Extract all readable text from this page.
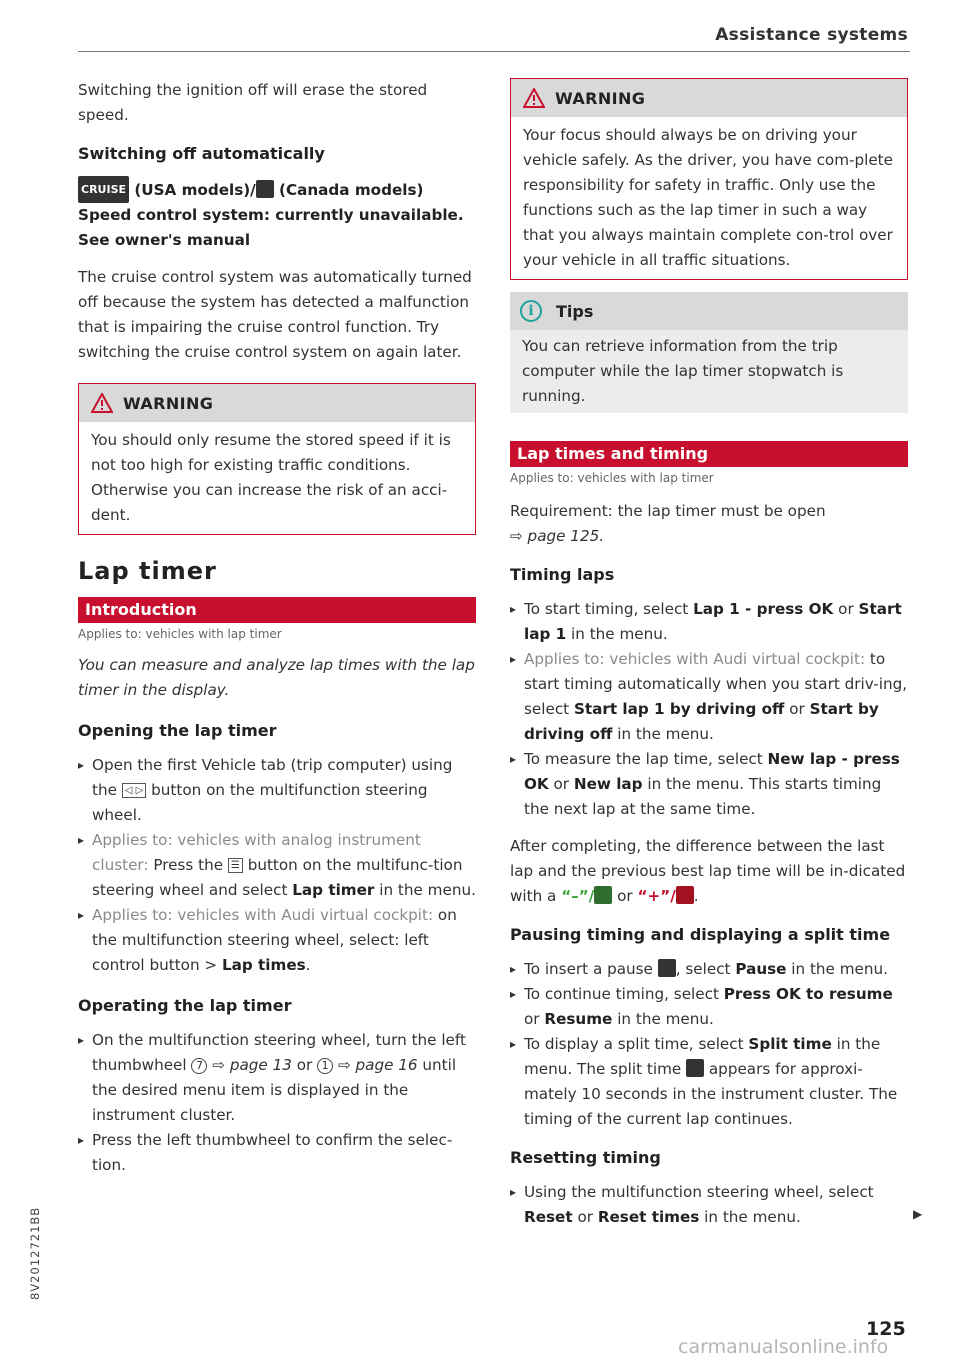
Assistance systems

Switching the ignition off will erase the stored speed.

Switching off automatically

CRUISE (USA models)/ (Canada models)
Speed control system: currently unavailable.
See owner's manual

The cruise control system was automatically turned off because the system has detected a malfunction that is impairing the cruise control function. Try switching the cruise control system on again later.

WARNING
You should only resume the stored speed if it is not too high for existing traffic conditions. Otherwise you can increase the risk of an acci-dent.
Lap timer
Introduction
Applies to: vehicles with lap timer

You can measure and analyze lap times with the lap timer in the display.

Opening the lap timer
▸ Open the first Vehicle tab (trip computer) using the ◁ ▷ button on the multifunction steering wheel.
▸ Applies to: vehicles with analog instrument cluster: Press the ☰ button on the multifunc-tion steering wheel and select Lap timer in the menu.
▸ Applies to: vehicles with Audi virtual cockpit: on the multifunction steering wheel, select: left control button > Lap times.
Operating the lap timer
▸ On the multifunction steering wheel, turn the left thumbwheel 7 ⇨ page 13 or 1 ⇨ page 16 until the desired menu item is displayed in the instrument cluster.
▸ Press the left thumbwheel to confirm the selec-tion.
WARNING
Your focus should always be on driving your vehicle safely. As the driver, you have com-plete responsibility for safety in traffic. Only use the functions such as the lap timer in such a way that you always maintain complete con-trol over your vehicle in all traffic situations.
i	Tips
You can retrieve information from the trip computer while the lap timer stopwatch is running.
Lap times and timing
Applies to: vehicles with lap timer

Requirement: the lap timer must be open
⇨ page 125.

Timing laps
▸ To start timing, select Lap 1 - press OK or Start lap 1 in the menu.
▸ Applies to: vehicles with Audi virtual cockpit: to start timing automatically when you start driv-ing, select Start lap 1 by driving off or Start by driving off in the menu.
▸ To measure the lap time, select New lap - press OK or New lap in the menu. This starts timing the next lap at the same time.

After completing, the difference between the last lap and the previous best lap time will be in-dicated with a “–”/ or “+”/ .

Pausing timing and displaying a split time
▸ To insert a pause , select Pause in the menu.
▸ To continue timing, select Press OK to resume or Resume in the menu.
▸ To display a split time, select Split time in the menu. The split time appears for approxi-mately 10 seconds in the instrument cluster. The timing of the current lap continues.
Resetting timing
▸ Using the multifunction steering wheel, select Reset or Reset times in the menu.	▶
8V2012721BB
125
carmanualsonline.info
